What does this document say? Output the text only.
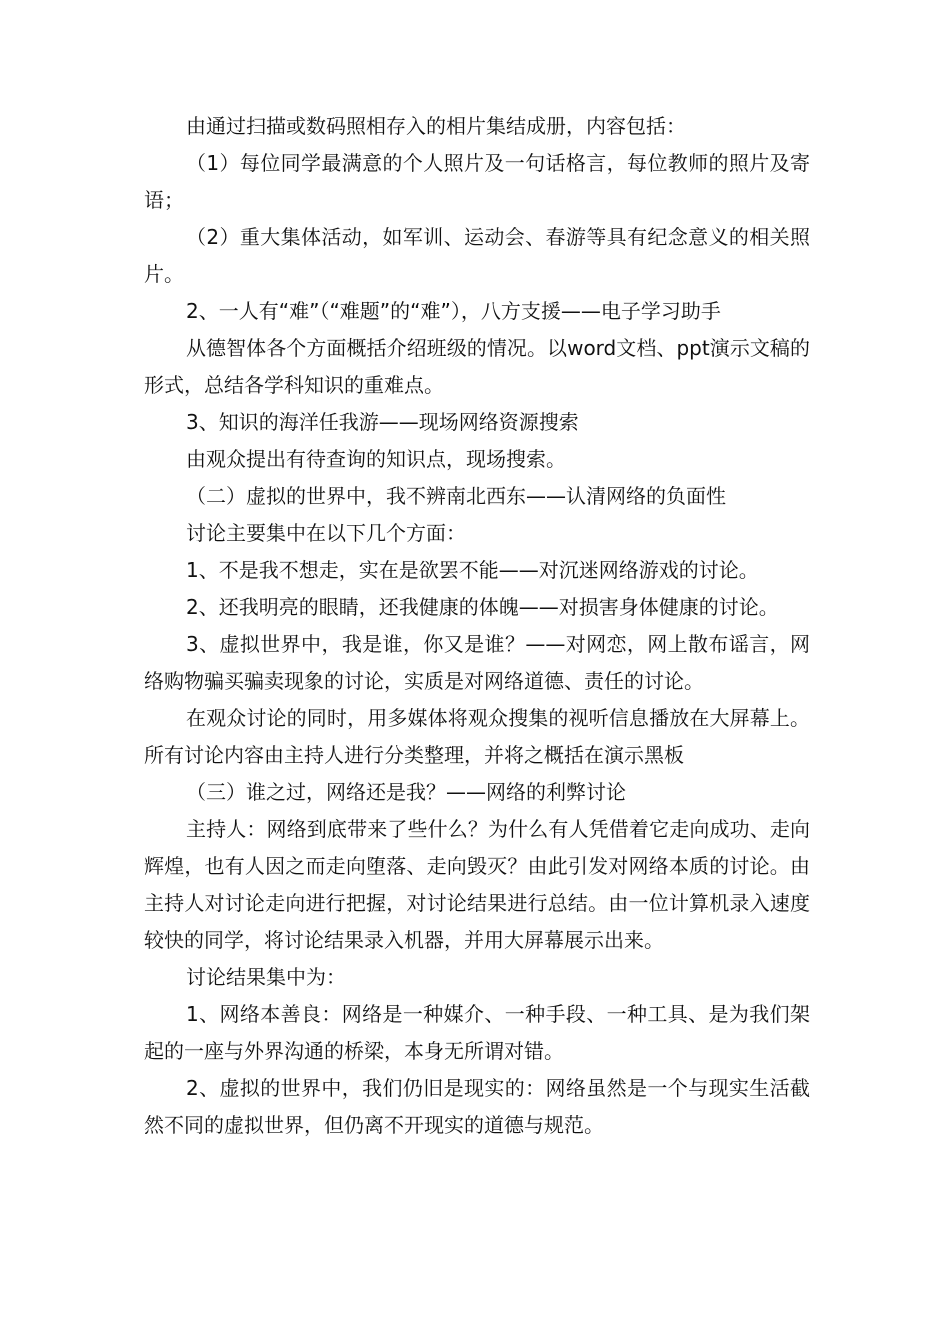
由通过扫描或数码照相存入的相片集结成册，内容包括：

（1）每位同学最满意的个人照片及一句话格言，每位教师的照片及寄语；

（2）重大集体活动，如军训、运动会、春游等具有纪念意义的相关照片。

2、一人有“难”（“难题”的“难”），八方支援——电子学习助手

从德智体各个方面概括介绍班级的情况。以word文档、ppt演示文稿的形式，总结各学科知识的重难点。

3、知识的海洋任我游——现场网络资源搜索

由观众提出有待查询的知识点，现场搜索。

（二）虚拟的世界中，我不辨南北西东——认清网络的负面性

讨论主要集中在以下几个方面：

1、不是我不想走，实在是欲罢不能——对沉迷网络游戏的讨论。

2、还我明亮的眼睛，还我健康的体魄——对损害身体健康的讨论。

3、虚拟世界中，我是谁，你又是谁？——对网恋，网上散布谣言，网络购物骗买骗卖现象的讨论，实质是对网络道德、责任的讨论。

在观众讨论的同时，用多媒体将观众搜集的视听信息播放在大屏幕上。所有讨论内容由主持人进行分类整理，并将之概括在演示黑板

（三）谁之过，网络还是我？——网络的利弊讨论

主持人：网络到底带来了些什么？为什么有人凭借着它走向成功、走向辉煌，也有人因之而走向堕落、走向毁灭？由此引发对网络本质的讨论。由主持人对讨论走向进行把握，对讨论结果进行总结。由一位计算机录入速度较快的同学，将讨论结果录入机器，并用大屏幕展示出来。

讨论结果集中为：

1、网络本善良：网络是一种媒介、一种手段、一种工具、是为我们架起的一座与外界沟通的桥梁，本身无所谓对错。

2、虚拟的世界中，我们仍旧是现实的：网络虽然是一个与现实生活截然不同的虚拟世界，但仍离不开现实的道德与规范。
